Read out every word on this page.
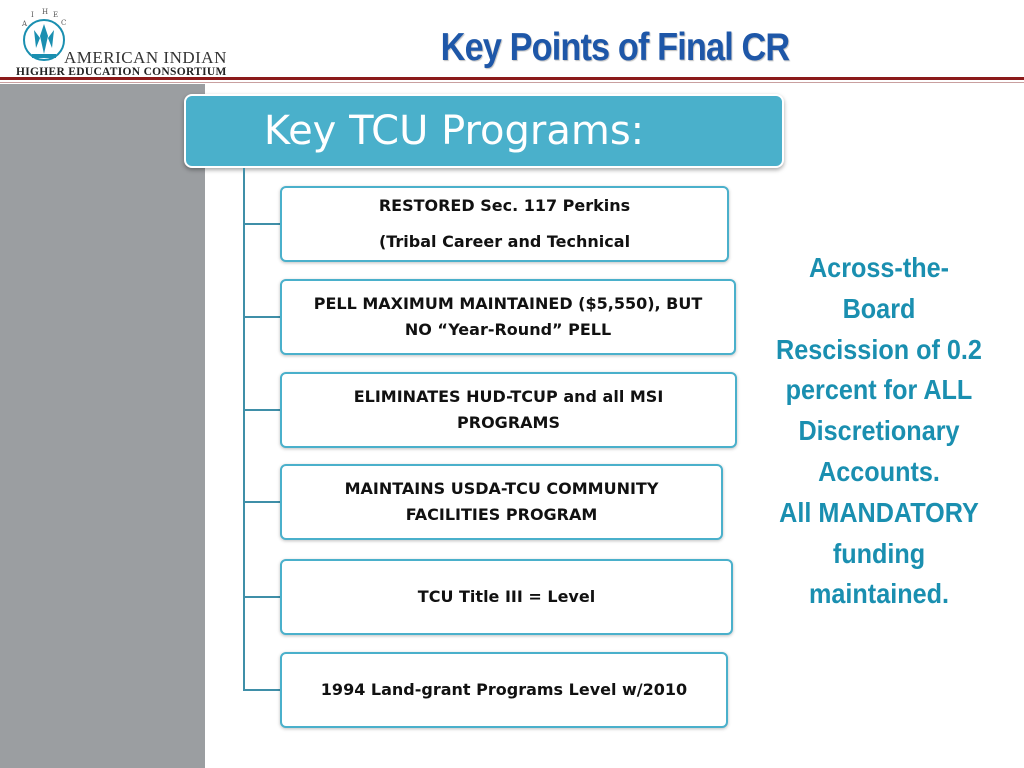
A
I H E
C
AMERICAN INDIAN
HIGHER EDUCATION CONSORTIUM
Key Points of Final CR
Key TCU Programs:
RESTORED Sec. 117 Perkins
(Tribal Career and Technical
PELL MAXIMUM MAINTAINED ($5,550), BUT
NO “Year-Round” PELL
ELIMINATES HUD-TCUP and all MSI
PROGRAMS
MAINTAINS USDA-TCU COMMUNITY
FACILITIES PROGRAM
TCU Title III = Level
1994 Land-grant Programs Level w/2010
Across-the-
Board
Rescission of 0.2
percent for ALL
Discretionary
Accounts.
All MANDATORY
funding
maintained.
